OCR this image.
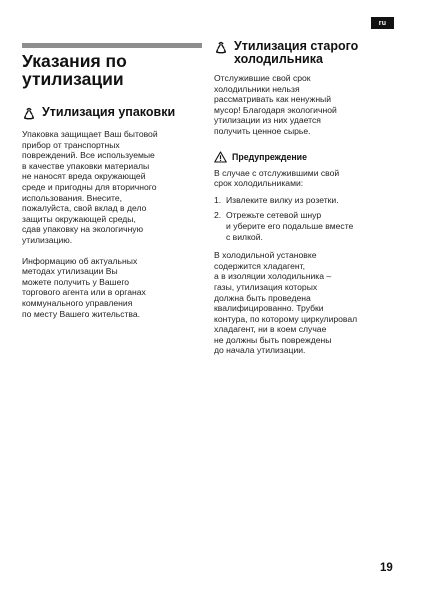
ru
Указания по
утилизации
Утилизация упаковки

Упаковка защищает Ваш бытовой
прибор от транспортных
повреждений. Все используемые
в качестве упаковки материалы
не наносят вреда окружающей
среде и пригодны для вторичного
использования. Внесите,
пожалуйста, свой вклад в дело
защиты окружающей среды,
сдав упаковку на экологичную
утилизацию.

Информацию об актуальных
методах утилизации Вы
можете получить у Вашего
торгового агента или в органах
коммунального управления
по месту Вашего жительства.

Утилизация старого
холодильника

Отслужившие свой срок
холодильники нельзя
рассматривать как ненужный
мусор! Благодаря экологичной
утилизации из них удается
получить ценное сырье.

Предупреждение

В случае с отслужившими свой
срок холодильниками:

1. Извлеките вилку из розетки.
2. Отрежьте сетевой шнур
и уберите его подальше вместе
с вилкой.

В холодильной установке
содержится хладагент,
а в изоляции холодильника –
газы, утилизация которых
должна быть проведена
квалифицированно. Трубки
контура, по которому циркулировал
хладагент, ни в коем случае
не должны быть повреждены
до начала утилизации.

19
